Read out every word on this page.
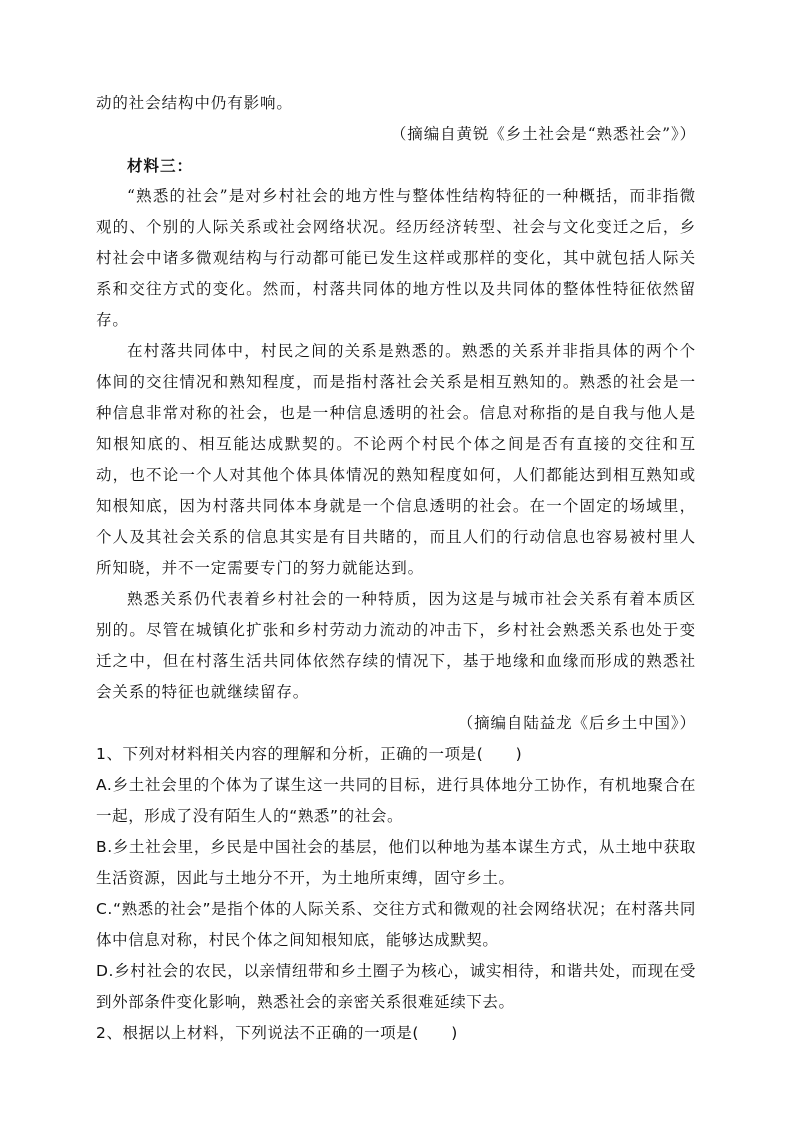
动的社会结构中仍有影响。

（摘编自黄锐《乡土社会是“熟悉社会”》）

材料三：

“熟悉的社会”是对乡村社会的地方性与整体性结构特征的一种概括，而非指微观的、个别的人际关系或社会网络状况。经历经济转型、社会与文化变迁之后，乡村社会中诸多微观结构与行动都可能已发生这样或那样的变化，其中就包括人际关系和交往方式的变化。然而，村落共同体的地方性以及共同体的整体性特征依然留存。

在村落共同体中，村民之间的关系是熟悉的。熟悉的关系并非指具体的两个个体间的交往情况和熟知程度，而是指村落社会关系是相互熟知的。熟悉的社会是一种信息非常对称的社会，也是一种信息透明的社会。信息对称指的是自我与他人是知根知底的、相互能达成默契的。不论两个村民个体之间是否有直接的交往和互动，也不论一个人对其他个体具体情况的熟知程度如何，人们都能达到相互熟知或知根知底，因为村落共同体本身就是一个信息透明的社会。在一个固定的场域里，个人及其社会关系的信息其实是有目共睹的，而且人们的行动信息也容易被村里人所知晓，并不一定需要专门的努力就能达到。

熟悉关系仍代表着乡村社会的一种特质，因为这是与城市社会关系有着本质区别的。尽管在城镇化扩张和乡村劳动力流动的冲击下，乡村社会熟悉关系也处于变迁之中，但在村落生活共同体依然存续的情况下，基于地缘和血缘而形成的熟悉社会关系的特征也就继续留存。

（摘编自陆益龙《后乡土中国》）

1、下列对材料相关内容的理解和分析，正确的一项是(　　)

A.乡土社会里的个体为了谋生这一共同的目标，进行具体地分工协作，有机地聚合在一起，形成了没有陌生人的“熟悉”的社会。

B.乡土社会里，乡民是中国社会的基层，他们以种地为基本谋生方式，从土地中获取生活资源，因此与土地分不开，为土地所束缚，固守乡土。

C.“熟悉的社会”是指个体的人际关系、交往方式和微观的社会网络状况；在村落共同体中信息对称，村民个体之间知根知底，能够达成默契。

D.乡村社会的农民，以亲情纽带和乡土圈子为核心，诚实相待，和谐共处，而现在受到外部条件变化影响，熟悉社会的亲密关系很难延续下去。

2、根据以上材料，下列说法不正确的一项是(　　)
